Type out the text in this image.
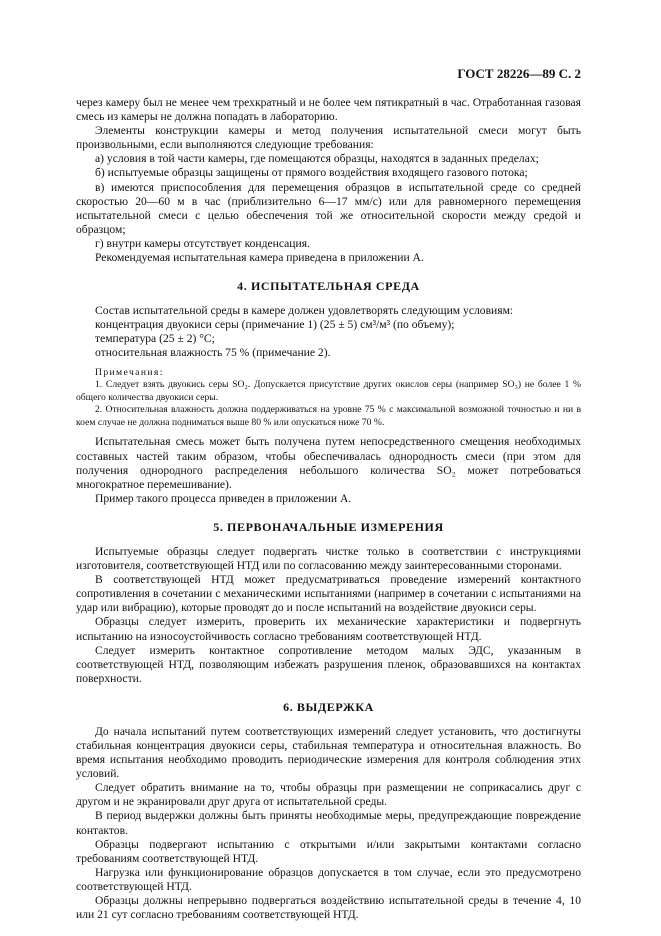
ГОСТ 28226—89 С. 2

через камеру был не менее чем трехкратный и не более чем пятикратный в час. Отработанная газовая смесь из камеры не должна попадать в лабораторию.

Элементы конструкции камеры и метод получения испытательной смеси могут быть произвольными, если выполняются следующие требования:

а) условия в той части камеры, где помещаются образцы, находятся в заданных пределах;

б) испытуемые образцы защищены от прямого воздействия входящего газового потока;

в) имеются приспособления для перемещения образцов в испытательной среде со средней скоростью 20—60 м в час (приблизительно 6—17 мм/с) или для равномерного перемещения испытательной смеси с целью обеспечения той же относительной скорости между средой и образцом;

г) внутри камеры отсутствует конденсация.

Рекомендуемая испытательная камера приведена в приложении А.

4. ИСПЫТАТЕЛЬНАЯ СРЕДА

Состав испытательной среды в камере должен удовлетворять следующим условиям:

концентрация двуокиси серы (примечание 1) (25 ± 5) см³/м³ (по объему);

температура (25 ± 2) °С;

относительная влажность 75 % (примечание 2).

Примечания:

1. Следует взять двуокись серы SO₂. Допускается присутствие других окислов серы (например SO₃) не более 1 % общего количества двуокиси серы.

2. Относительная влажность должна поддерживаться на уровне 75 % с максимальной возможной точностью и ни в коем случае не должна подниматься выше 80 % или опускаться ниже 70 %.

Испытательная смесь может быть получена путем непосредственного смещения необходимых составных частей таким образом, чтобы обеспечивалась однородность смеси (при этом для получения однородного распределения небольшого количества SO₂ может потребоваться многократное перемешивание).

Пример такого процесса приведен в приложении А.

5. ПЕРВОНАЧАЛЬНЫЕ ИЗМЕРЕНИЯ

Испытуемые образцы следует подвергать чистке только в соответствии с инструкциями изготовителя, соответствующей НТД или по согласованию между заинтересованными сторонами.

В соответствующей НТД может предусматриваться проведение измерений контактного сопротивления в сочетании с механическими испытаниями (например в сочетании с испытаниями на удар или вибрацию), которые проводят до и после испытаний на воздействие двуокиси серы.

Образцы следует измерить, проверить их механические характеристики и подвергнуть испытанию на износоустойчивость согласно требованиям соответствующей НТД.

Следует измерить контактное сопротивление методом малых ЭДС, указанным в соответствующей НТД, позволяющим избежать разрушения пленок, образовавшихся на контактах поверхности.

6. ВЫДЕРЖКА

До начала испытаний путем соответствующих измерений следует установить, что достигнуты стабильная концентрация двуокиси серы, стабильная температура и относительная влажность. Во время испытания необходимо проводить периодические измерения для контроля соблюдения этих условий.

Следует обратить внимание на то, чтобы образцы при размещении не соприкасались друг с другом и не экранировали друг друга от испытательной среды.

В период выдержки должны быть приняты необходимые меры, предупреждающие повреждение контактов.

Образцы подвергают испытанию с открытыми и/или закрытыми контактами согласно требованиям соответствующей НТД.

Нагрузка или функционирование образцов допускается в том случае, если это предусмотрено соответствующей НТД.

Образцы должны непрерывно подвергаться воздействию испытательной среды в течение 4, 10 или 21 сут согласно требованиям соответствующей НТД.
